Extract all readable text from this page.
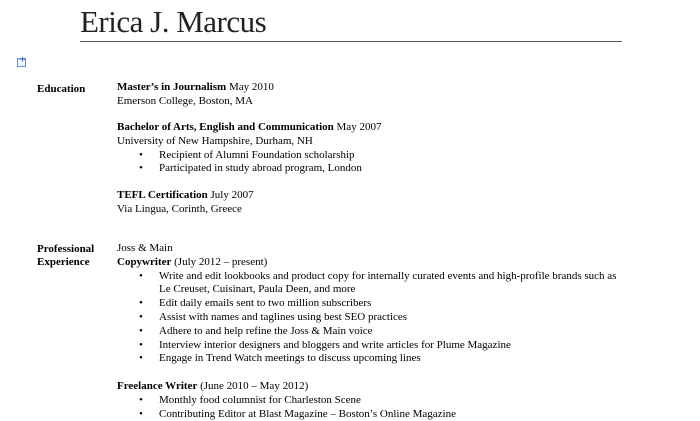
Erica J. Marcus
+
Education	Master’s in Journalism May 2010
Emerson College, Boston, MA
Bachelor of Arts, English and Communication May 2007
University of New Hampshire, Durham, NH
• Recipient of Alumni Foundation scholarship
• Participated in study abroad program, London
TEFL Certification July 2007
Via Lingua, Corinth, Greece
Professional
Experience
Joss & Main
Copywriter (July 2012 – present)
• Write and edit lookbooks and product copy for internally curated events and high-profile brands such as
Le Creuset, Cuisinart, Paula Deen, and more
• Edit daily emails sent to two million subscribers
• Assist with names and taglines using best SEO practices
• Adhere to and help refine the Joss & Main voice
• Interview interior designers and bloggers and write articles for Plume Magazine
• Engage in Trend Watch meetings to discuss upcoming lines
Freelance Writer (June 2010 – May 2012)
• Monthly food columnist for Charleston Scene
• Contributing Editor at Blast Magazine – Boston’s Online Magazine
